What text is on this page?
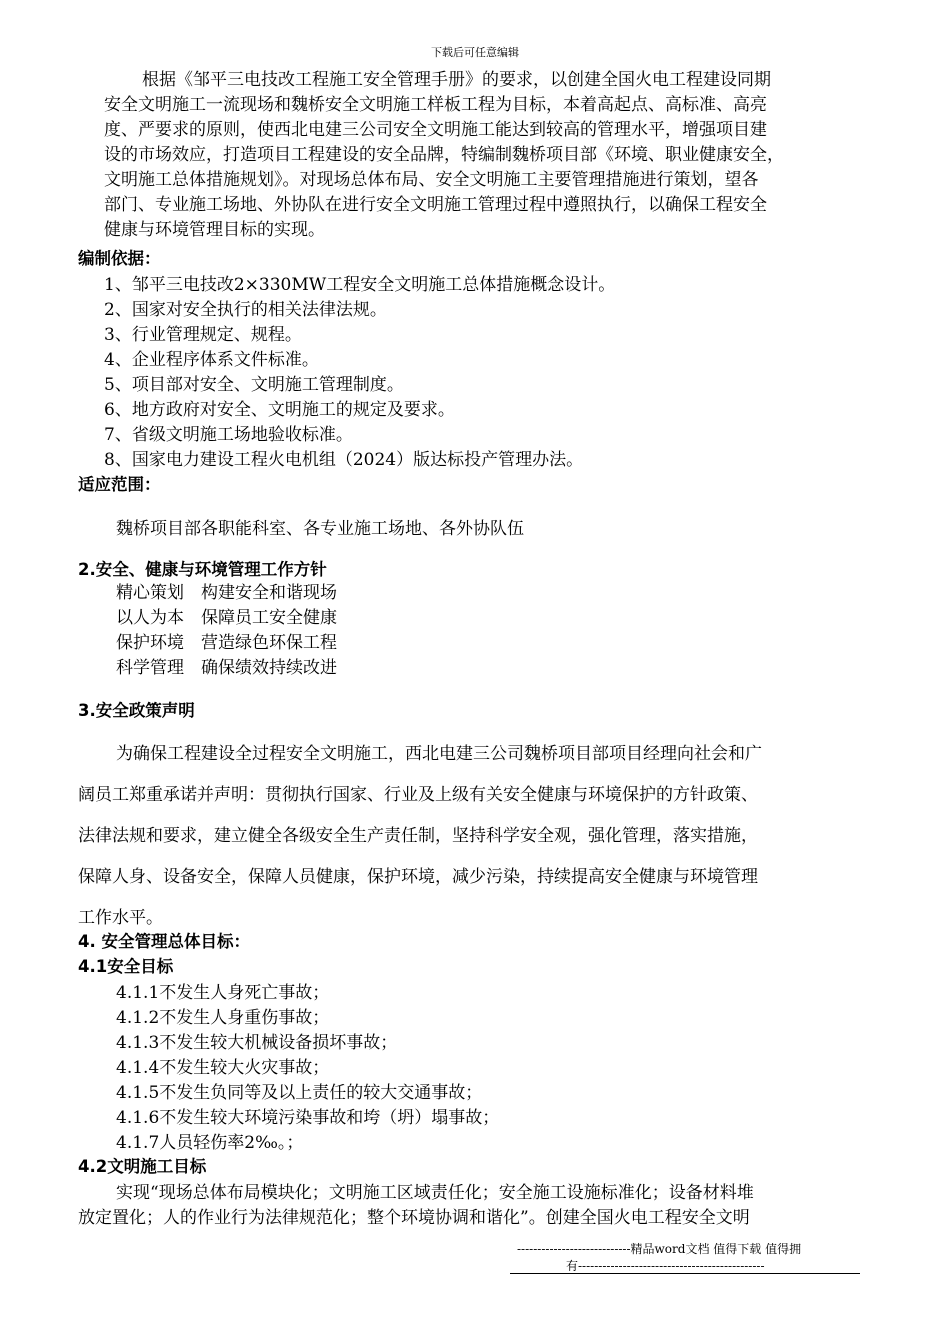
下载后可任意编辑
根据《邹平三电技改工程施工安全管理手册》的要求，以创建全国火电工程建设同期
安全文明施工一流现场和魏桥安全文明施工样板工程为目标，本着高起点、高标准、高亮
度、严要求的原则，使西北电建三公司安全文明施工能达到较高的管理水平，增强项目建
设的市场效应，打造项目工程建设的安全品牌，特编制魏桥项目部《环境、职业健康安全，
文明施工总体措施规划》。对现场总体布局、安全文明施工主要管理措施进行策划，望各
部门、专业施工场地、外协队在进行安全文明施工管理过程中遵照执行，以确保工程安全
健康与环境管理目标的实现。
编制依据：
1、邹平三电技改2×330MW工程安全文明施工总体措施概念设计。
2、国家对安全执行的相关法律法规。
3、行业管理规定、规程。
4、企业程序体系文件标准。
5、项目部对安全、文明施工管理制度。
6、地方政府对安全、文明施工的规定及要求。
7、省级文明施工场地验收标准。
8、国家电力建设工程火电机组（2024）版达标投产管理办法。
适应范围：
魏桥项目部各职能科室、各专业施工场地、各外协队伍
2.安全、健康与环境管理工作方针
精心策划　构建安全和谐现场
以人为本　保障员工安全健康
保护环境　营造绿色环保工程
科学管理　确保绩效持续改进
3.安全政策声明
为确保工程建设全过程安全文明施工，西北电建三公司魏桥项目部项目经理向社会和广
阔员工郑重承诺并声明：贯彻执行国家、行业及上级有关安全健康与环境保护的方针政策、
法律法规和要求，建立健全各级安全生产责任制，坚持科学安全观，强化管理，落实措施，
保障人身、设备安全，保障人员健康，保护环境，减少污染，持续提高安全健康与环境管理
工作水平。
4. 安全管理总体目标：
4.1安全目标
4.1.1不发生人身死亡事故；
4.1.2不发生人身重伤事故；
4.1.3不发生较大机械设备损坏事故；
4.1.4不发生较大火灾事故；
4.1.5不发生负同等及以上责任的较大交通事故；
4.1.6不发生较大环境污染事故和垮（坍）塌事故；
4.1.7人员轻伤率2‰。；
4.2文明施工目标
实现“现场总体布局模块化；文明施工区域责任化；安全施工设施标准化；设备材料堆
放定置化；人的作业行为法律规范化；整个环境协调和谐化”。创建全国火电工程安全文明
----------------------------精品word文档 值得下载 值得拥
有----------------------------------------------
